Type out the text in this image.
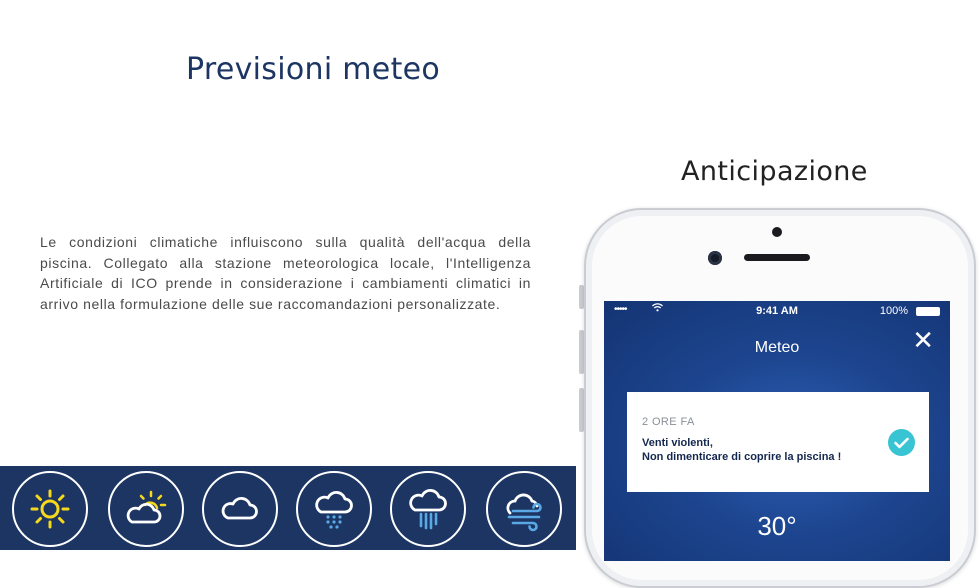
Previsioni meteo
Le condizioni climatiche influiscono sulla qualità dell'acqua della piscina. Collegato alla stazione meteorologica locale, l'Intelligenza Artificiale di ICO prende in considerazione i cambiamenti climatici in arrivo nella formulazione delle sue raccomandazioni personalizzate.
Anticipazione
•••••	9:41 AM	100%
Meteo	✕
2 ORE FA
Venti violenti,
Non dimenticare di coprire la piscina !
30°
